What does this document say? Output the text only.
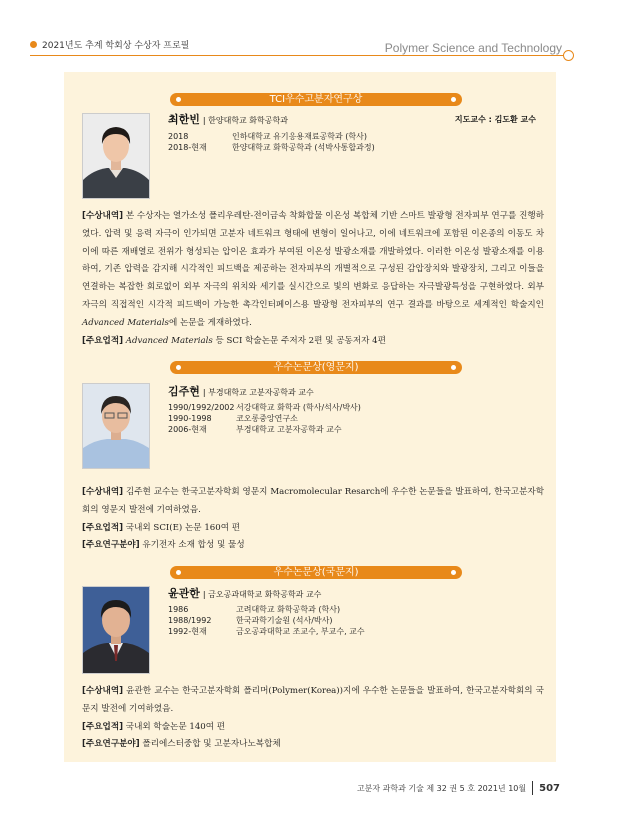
2021년도 추계 학회상 수상자 프로필	Polymer Science and Technology
TCI우수고분자연구상
최한빈 | 한양대학교 화학공학과	지도교수 : 김도환 교수
2018	인하대학교 유기응용재료공학과 (학사)
2018-현재	한양대학교 화학공학과 (석박사통합과정)

[수상내역] 본 수상자는 열가소성 폴리우레탄-전이금속 착화합물 이온성 복합체 기반 스마트 발광형 전자피부 연구를 진행하였다. 압력 및 응력 자극이 인가되면 고분자 네트워크 형태에 변형이 일어나고, 이에 네트워크에 포함된 이온종의 이동도 차이에 따른 재배열로 전위가 형성되는 압이온 효과가 부여된 이온성 발광소재를 개발하였다. 이러한 이온성 발광소재를 이용하여, 기존 압력을 감지해 시각적인 피드백을 제공하는 전자피부의 개별적으로 구성된 감압장치와 발광장치, 그리고 이들을 연결하는 복잡한 회로없이 외부 자극의 위치와 세기를 실시간으로 빛의 변화로 응답하는 자극발광특성을 구현하였다. 외부 자극의 직접적인 시각적 피드백이 가능한 촉각인터페이스용 발광형 전자피부의 연구 결과를 바탕으로 세계적인 학술지인 Advanced Materials에 논문을 게재하였다.

[주요업적] Advanced Materials 등 SCI 학술논문 주저자 2편 및 공동저자 4편

우수논문상(영문지)
김주현 | 부경대학교 고분자공학과 교수
1990/1992/2002 서강대학교 화학과 (학사/석사/박사)
1990-1998	코오롱중앙연구소
2006-현재	부경대학교 고분자공학과 교수

[수상내역] 김주현 교수는 한국고분자학회 영문지 Macromolecular Resarch에 우수한 논문들을 발표하여, 한국고분자학회의 영문지 발전에 기여하였음.

[주요업적] 국내외 SCI(E) 논문 160여 편

[주요연구분야] 유기전자 소재 합성 및 물성

우수논문상(국문지)
윤관한 | 금오공과대학교 화학공학과 교수
1986	고려대학교 화학공학과 (학사)
1988/1992	한국과학기술원 (석사/박사)
1992-현재	금오공과대학교 조교수, 부교수, 교수

[수상내역] 윤관한 교수는 한국고분자학회 폴리머(Polymer(Korea))지에 우수한 논문들을 발표하여, 한국고분자학회의 국문지 발전에 기여하였음.

[주요업적] 국내외 학술논문 140여 편

[주요연구분야] 폴리에스터중합 및 고분자나노복합체

고분자 과학과 기술 제 32 권 5 호 2021년 10월 507
